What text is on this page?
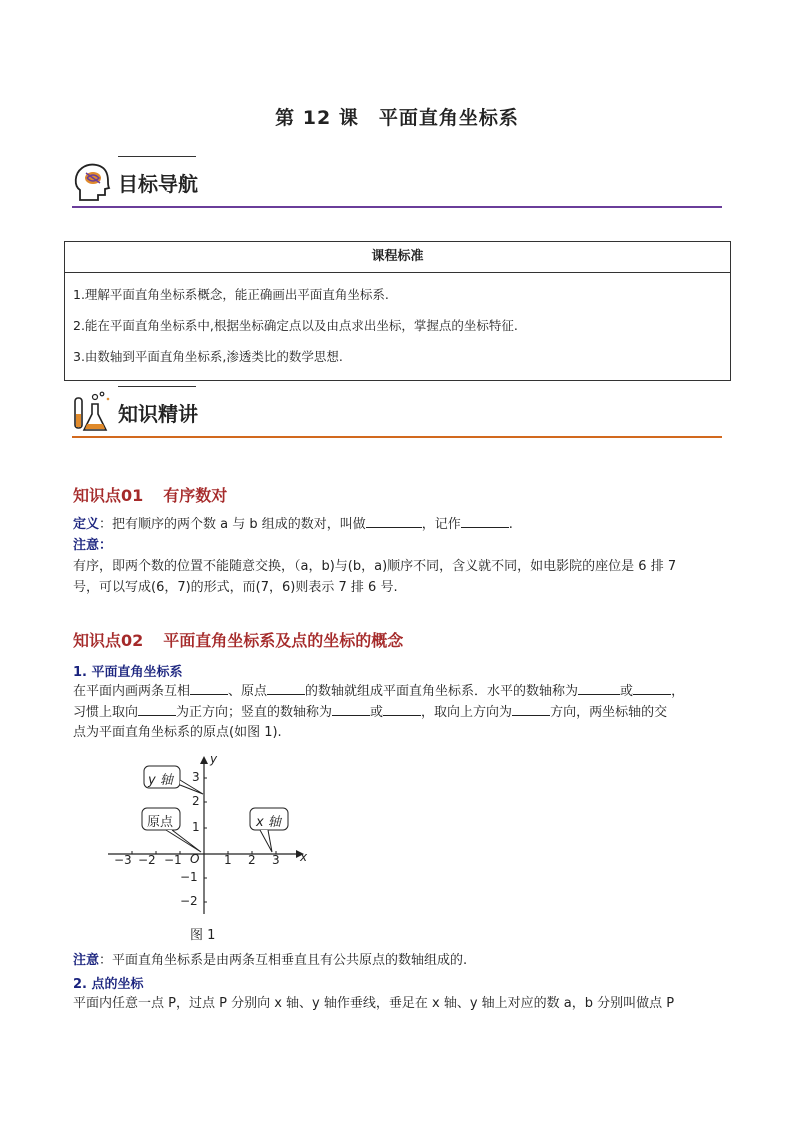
第 12 课　平面直角坐标系
目标导航
课程标准
1.理解平面直角坐标系概念，能正确画出平面直角坐标系.
2.能在平面直角坐标系中,根据坐标确定点以及由点求出坐标，掌握点的坐标特征.
3.由数轴到平面直角坐标系,渗透类比的数学思想.
知识精讲
知识点01 有序数对
定义：把有顺序的两个数 a 与 b 组成的数对，叫做	，记作	.
注意：
有序，即两个数的位置不能随意交换，（a，b)与(b，a)顺序不同，含义就不同，如电影院的座位是 6 排 7
号，可以写成(6，7)的形式，而(7，6)则表示 7 排 6 号.
知识点02 平面直角坐标系及点的坐标的概念
1. 平面直角坐标系
在平面内画两条互相	、原点	的数轴就组成平面直角坐标系．水平的数轴称为	或	，
习惯上取向	为正方向；竖直的数轴称为	或	，取向上方向为	方向，两坐标轴的交
点为平面直角坐标系的原点(如图 1).
y 轴
原点	x 轴
x
y
O
−3 −2 −1	1 2 3
3
2
1
−1
−2
图 1
注意：平面直角坐标系是由两条互相垂直且有公共原点的数轴组成的.
2. 点的坐标
平面内任意一点 P，过点 P 分别向 x 轴、y 轴作垂线，垂足在 x 轴、y 轴上对应的数 a，b 分别叫做点 P
